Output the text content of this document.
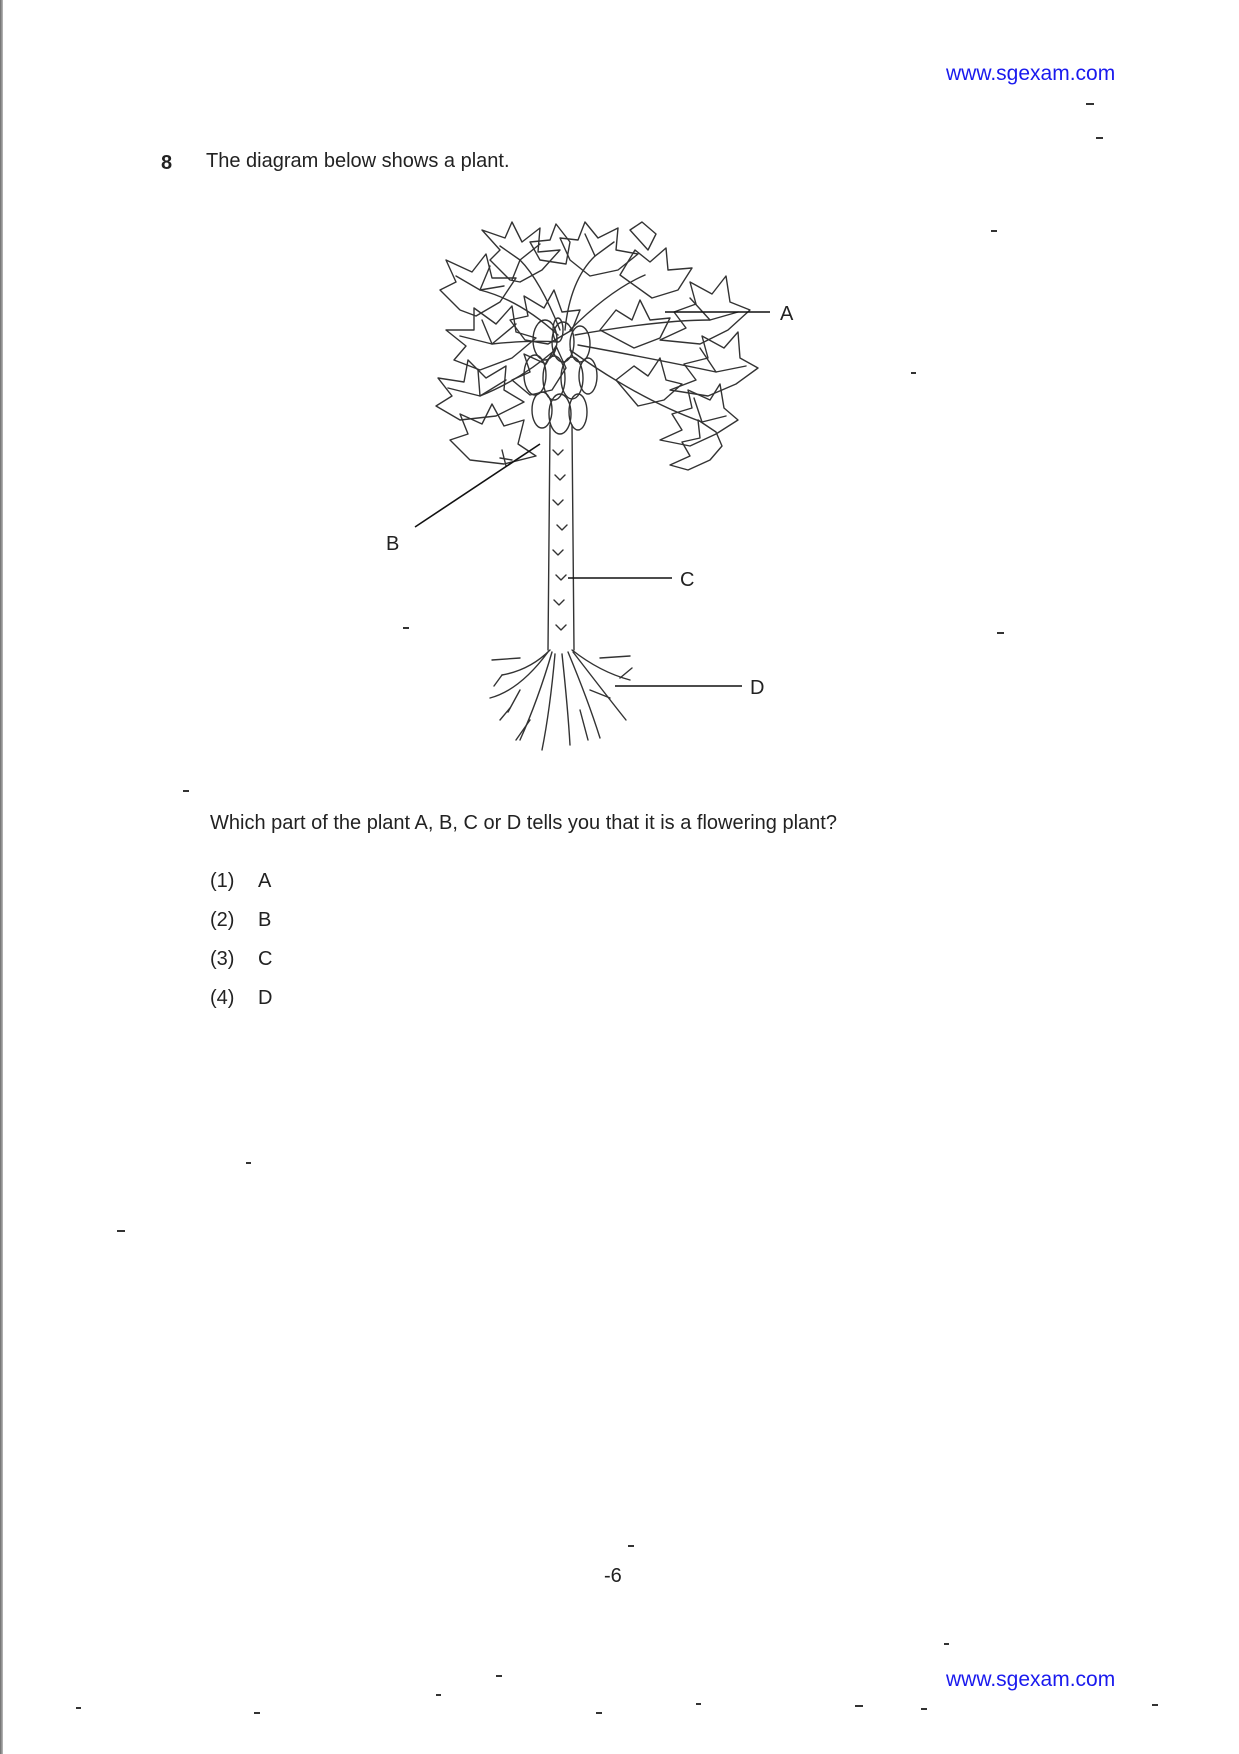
www.sgexam.com
8 The diagram below shows a plant.
A
B
C
D
Which part of the plant A, B, C or D tells you that it is a flowering plant?
(1)	A
(2)	B
(3)	C
(4)	D
-6
www.sgexam.com
